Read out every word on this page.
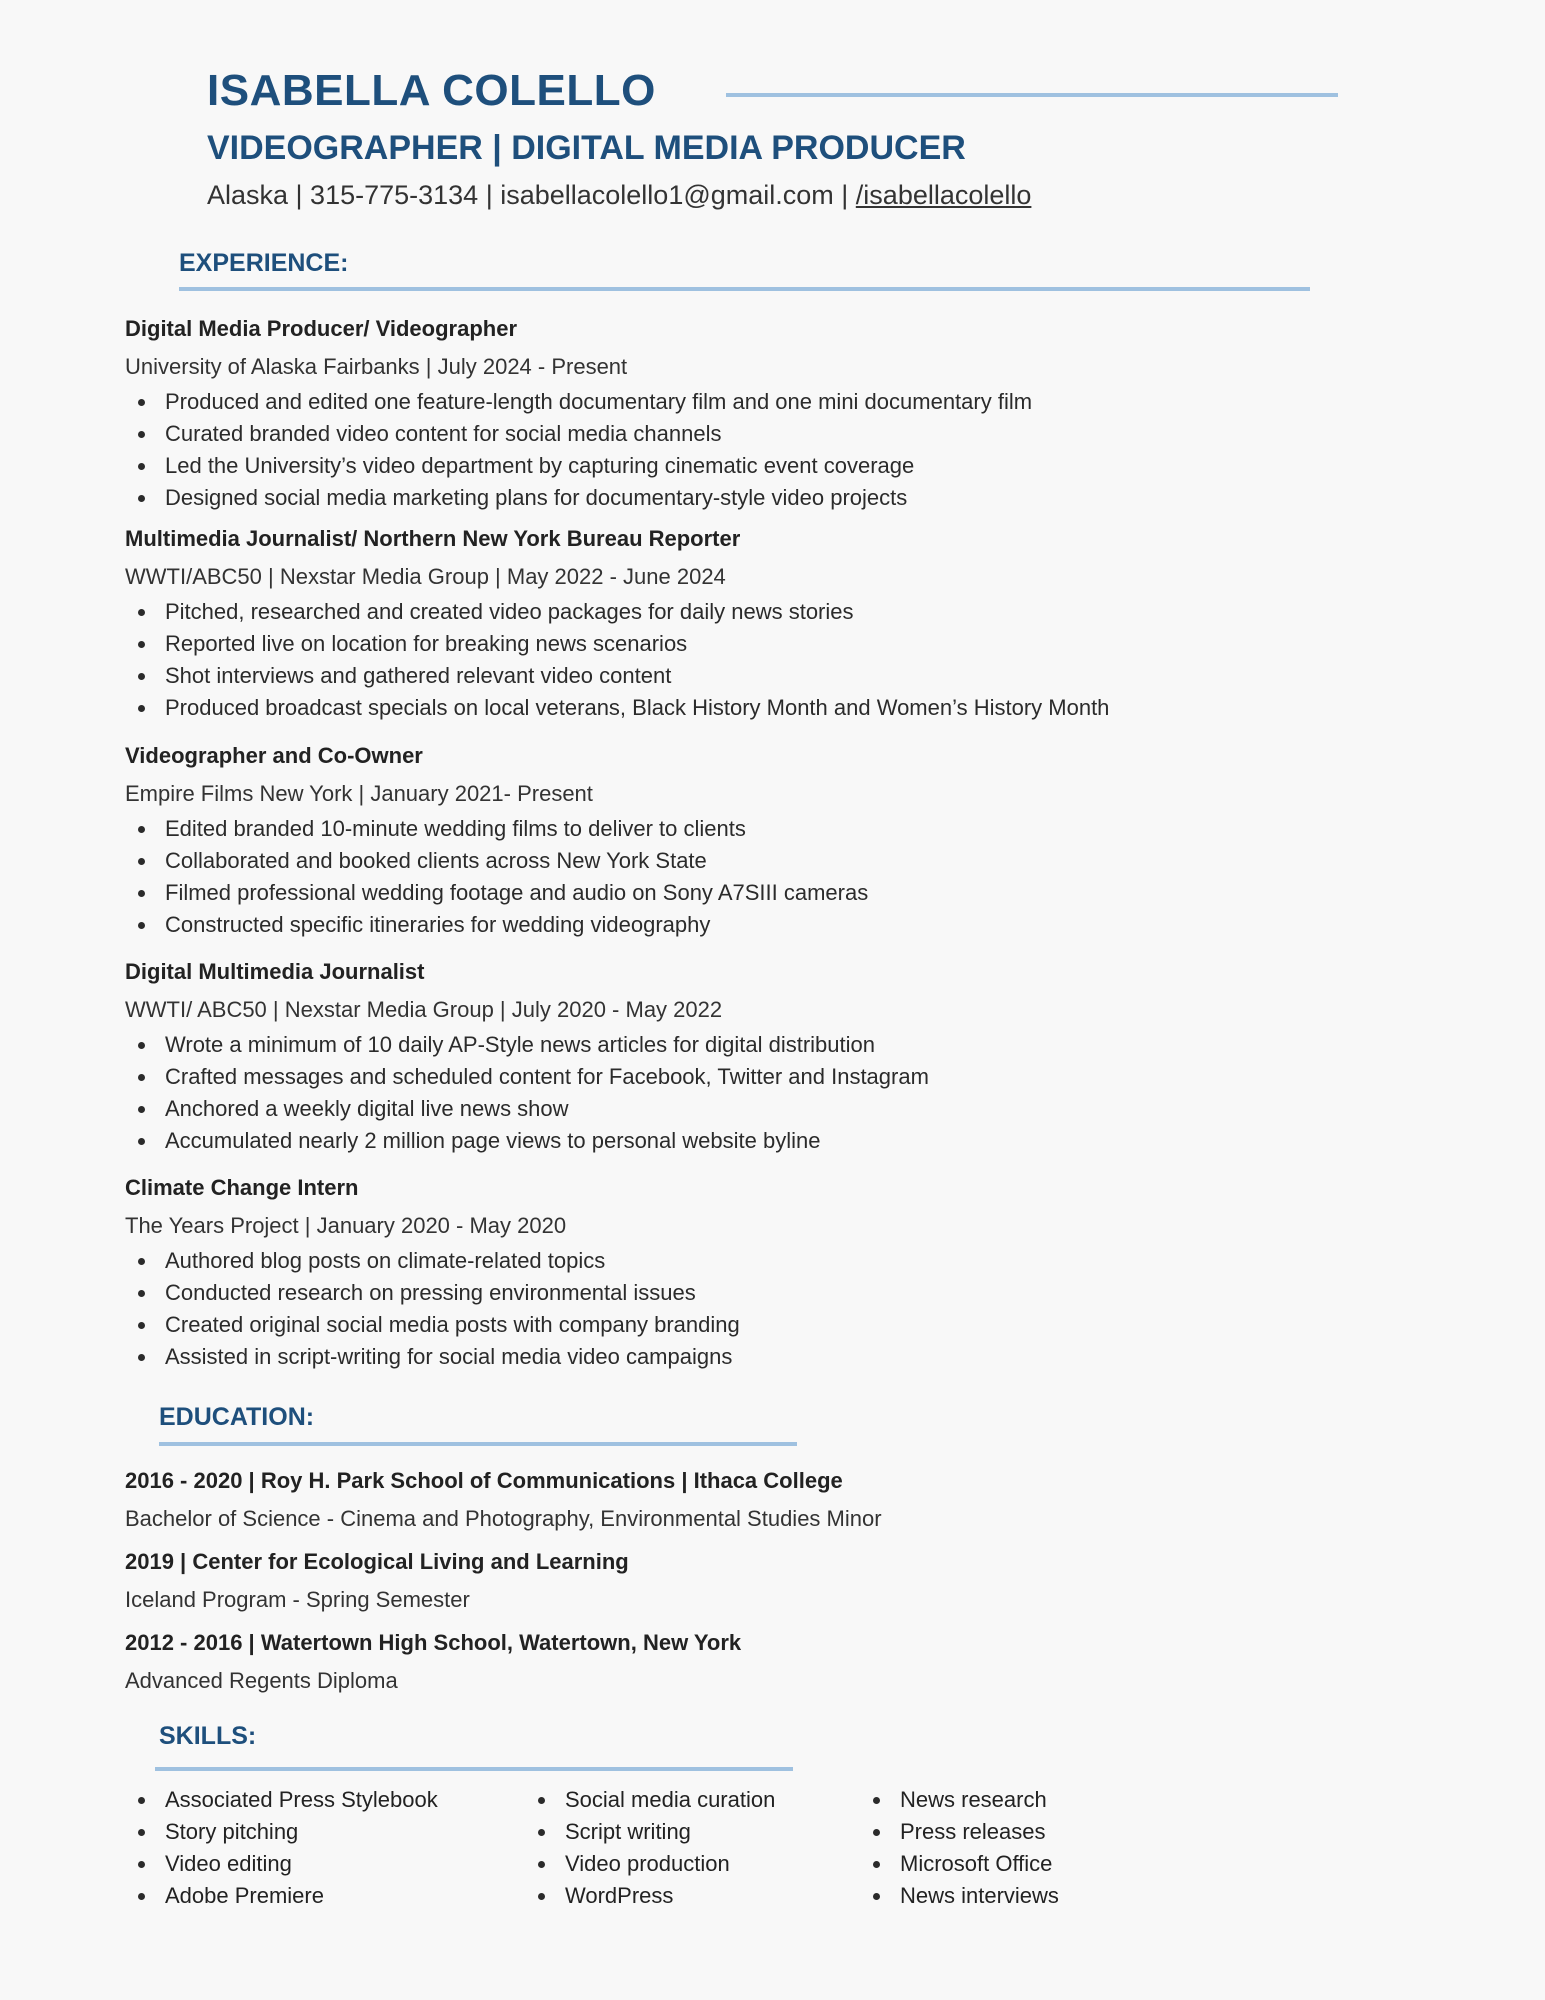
ISABELLA COLELLO
VIDEOGRAPHER | DIGITAL MEDIA PRODUCER
Alaska | 315-775-3134 | isabellacolello1@gmail.com | /isabellacolello
EXPERIENCE:
Digital Media Producer/ Videographer
University of Alaska Fairbanks | July 2024 - Present
Produced and edited one feature-length documentary film and one mini documentary film
Curated branded video content for social media channels
Led the University’s video department by capturing cinematic event coverage
Designed social media marketing plans for documentary-style video projects
Multimedia Journalist/ Northern New York Bureau Reporter
WWTI/ABC50 | Nexstar Media Group | May 2022 - June 2024
Pitched, researched and created video packages for daily news stories
Reported live on location for breaking news scenarios
Shot interviews and gathered relevant video content
Produced broadcast specials on local veterans, Black History Month and Women’s History Month
Videographer and Co-Owner
Empire Films New York | January 2021- Present
Edited branded 10-minute wedding films to deliver to clients
Collaborated and booked clients across New York State
Filmed professional wedding footage and audio on Sony A7SIII cameras
Constructed specific itineraries for wedding videography
Digital Multimedia Journalist
WWTI/ ABC50 | Nexstar Media Group | July 2020 - May 2022
Wrote a minimum of 10 daily AP-Style news articles for digital distribution
Crafted messages and scheduled content for Facebook, Twitter and Instagram
Anchored a weekly digital live news show
Accumulated nearly 2 million page views to personal website byline
Climate Change Intern
The Years Project | January 2020 - May 2020
Authored blog posts on climate-related topics
Conducted research on pressing environmental issues
Created original social media posts with company branding
Assisted in script-writing for social media video campaigns
EDUCATION:
2016 - 2020 | Roy H. Park School of Communications | Ithaca College
Bachelor of Science - Cinema and Photography, Environmental Studies Minor
2019 | Center for Ecological Living and Learning
Iceland Program - Spring Semester
2012 - 2016 | Watertown High School, Watertown, New York
Advanced Regents Diploma
SKILLS:
Associated Press Stylebook
Story pitching
Video editing
Adobe Premiere
Social media curation
Script writing
Video production
WordPress
News research
Press releases
Microsoft Office
News interviews
